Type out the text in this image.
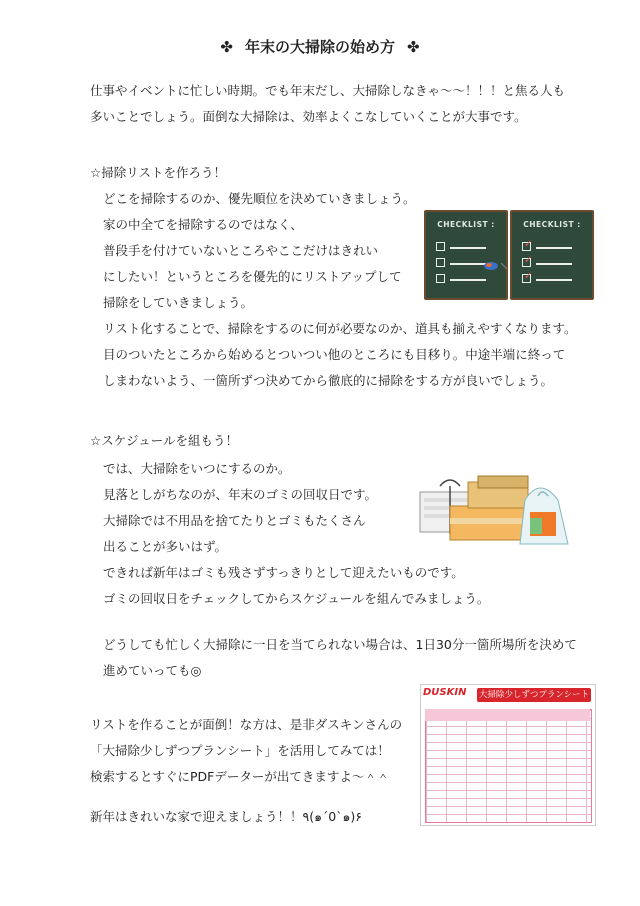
✤ 年末の大掃除の始め方 ✤
仕事やイベントに忙しい時期。でも年末だし、大掃除しなきゃ〜〜！！！と焦る人も
多いことでしょう。面倒な大掃除は、効率よくこなしていくことが大事です。
☆掃除リストを作ろう！
どこを掃除するのか、優先順位を決めていきましょう。
家の中全てを掃除するのではなく、
普段手を付けていないところやここだけはきれい
にしたい！というところを優先的にリストアップして
掃除をしていきましょう。
リスト化することで、掃除をするのに何が必要なのか、道具も揃えやすくなります。
目のついたところから始めるとついつい他のところにも目移り。中途半端に終って
しまわないよう、一箇所ずつ決めてから徹底的に掃除をする方が良いでしょう。
CHECKLIST :	CHECKLIST :
✓
✓
✓
☆スケジュールを組もう！
では、大掃除をいつにするのか。
見落としがちなのが、年末のゴミの回収日です。
大掃除では不用品を捨てたりとゴミもたくさん
出ることが多いはず。
できれば新年はゴミも残さずすっきりとして迎えたいものです。
ゴミの回収日をチェックしてからスケジュールを組んでみましょう。
どうしても忙しく大掃除に一日を当てられない場合は、1日30分一箇所場所を決めて
進めていっても◎
リストを作ることが面倒！な方は、是非ダスキンさんの
「大掃除少しずつプランシート」を活用してみては！
検索するとすぐにPDFデーターが出てきますよ〜＾＾
新年はきれいな家で迎えましょう！！٩(๑´0`๑)۶
DUSKIN 大掃除少しずつプランシート
